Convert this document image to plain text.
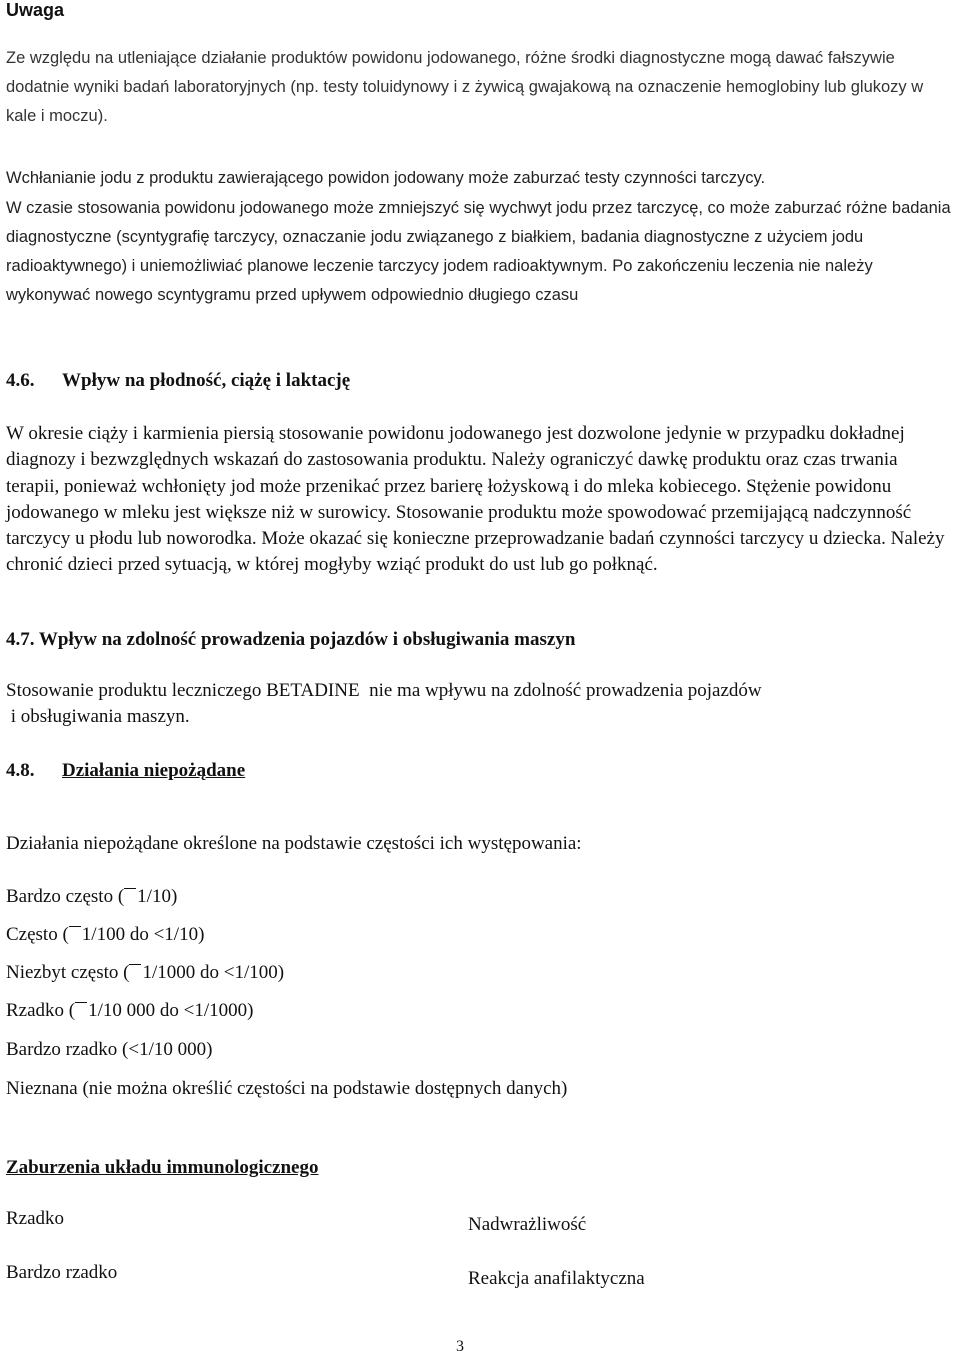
Uwaga

Ze względu na utleniające działanie produktów powidonu jodowanego, różne środki diagnostyczne mogą dawać fałszywie dodatnie wyniki badań laboratoryjnych (np. testy toluidynowy i z żywicą gwajakową na oznaczenie hemoglobiny lub glukozy w kale i moczu).

Wchłanianie jodu z produktu zawierającego powidon jodowany może zaburzać testy czynności tarczycy.

W czasie stosowania powidonu jodowanego może zmniejszyć się wychwyt jodu przez tarczycę, co może zaburzać różne badania diagnostyczne (scyntygrafię tarczycy, oznaczanie jodu związanego z białkiem, badania diagnostyczne z użyciem jodu radioaktywnego) i uniemożliwiać planowe leczenie tarczycy jodem radioaktywnym. Po zakończeniu leczenia nie należy wykonywać nowego scyntygramu przed upływem odpowiednio długiego czasu

4.6. Wpływ na płodność, ciążę i laktację

W okresie ciąży i karmienia piersią stosowanie powidonu jodowanego jest dozwolone jedynie w przypadku dokładnej diagnozy i bezwzględnych wskazań do zastosowania produktu. Należy ograniczyć dawkę produktu oraz czas trwania terapii, ponieważ wchłonięty jod może przenikać przez barierę łożyskową i do mleka kobiecego. Stężenie powidonu jodowanego w mleku jest większe niż w surowicy. Stosowanie produktu może spowodować przemijającą nadczynność tarczycy u płodu lub noworodka. Może okazać się konieczne przeprowadzanie badań czynności tarczycy u dziecka. Należy chronić dzieci przed sytuacją, w której mogłyby wziąć produkt do ust lub go połknąć.

4.7. Wpływ na zdolność prowadzenia pojazdów i obsługiwania maszyn
Stosowanie produktu leczniczego BETADINE  nie ma wpływu na zdolność prowadzenia pojazdów
i obsługiwania maszyn.
4.8. Działania niepożądane
Działania niepożądane określone na podstawie częstości ich występowania:
Bardzo często ( 1/10)
Często ( 1/100 do <1/10)
Niezbyt często ( 1/1000 do <1/100)
Rzadko ( 1/10 000 do <1/1000)
Bardzo rzadko (<1/10 000)
Nieznana (nie można określić częstości na podstawie dostępnych danych)
Zaburzenia układu immunologicznego
Rzadko	Nadwrażliwość
Bardzo rzadko	Reakcja anafilaktyczna
3
